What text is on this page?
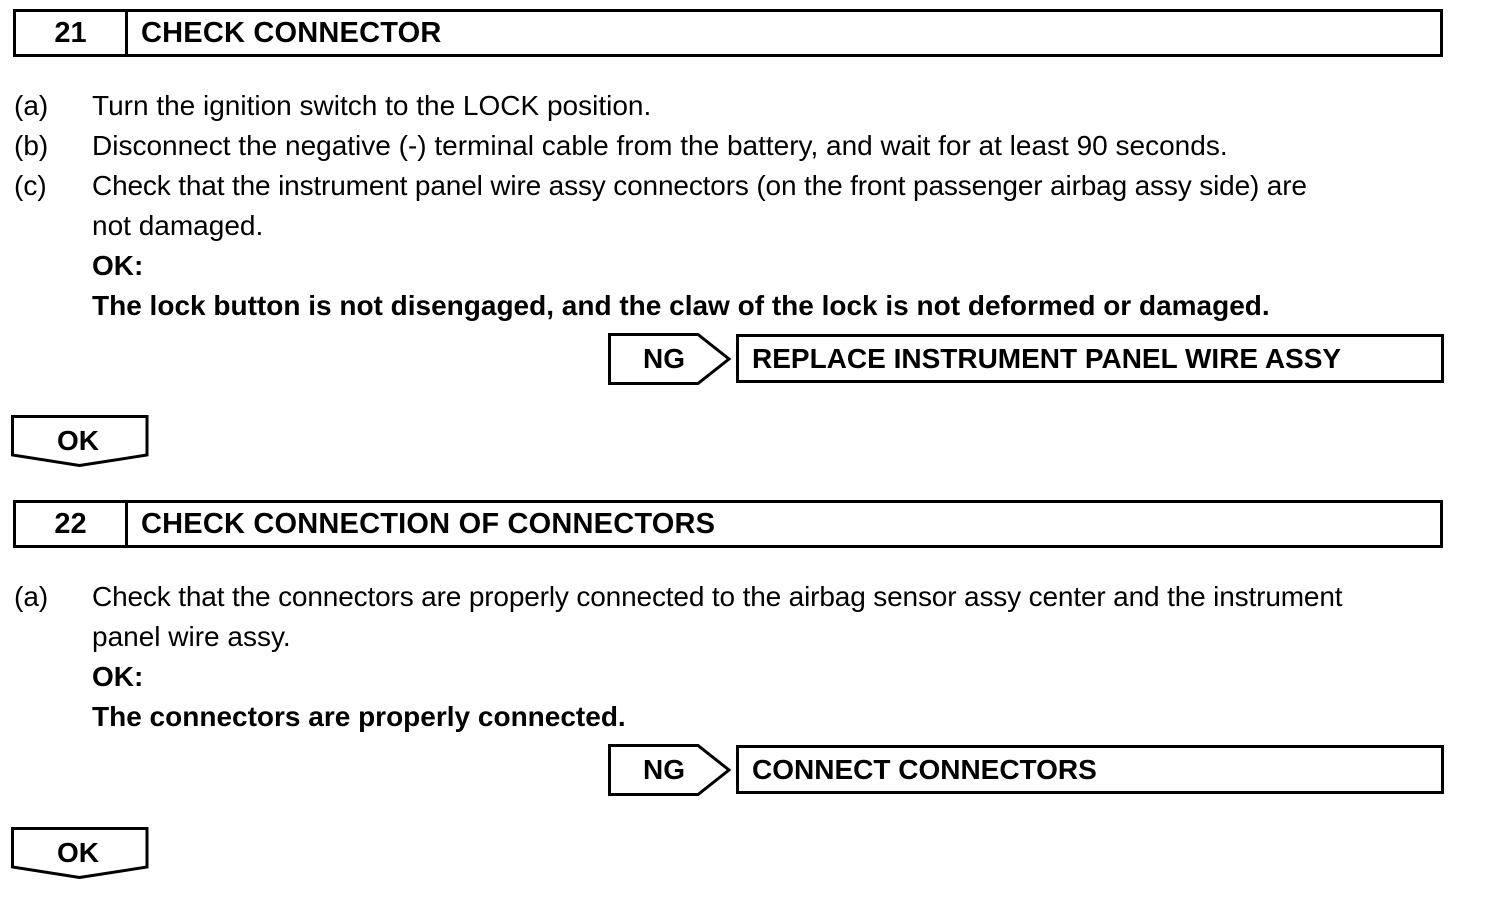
21	CHECK CONNECTOR
(a) Turn the ignition switch to the LOCK position.
(b) Disconnect the negative (-) terminal cable from the battery, and wait for at least 90 seconds.
(c) Check that the instrument panel wire assy connectors (on the front passenger airbag assy side) are
not damaged.
OK:
The lock button is not disengaged, and the claw of the lock is not deformed or damaged.
NG	REPLACE INSTRUMENT PANEL WIRE ASSY
OK
22	CHECK CONNECTION OF CONNECTORS
(a) Check that the connectors are properly connected to the airbag sensor assy center and the instrument
panel wire assy.
OK:
The connectors are properly connected.
NG	CONNECT CONNECTORS
OK
